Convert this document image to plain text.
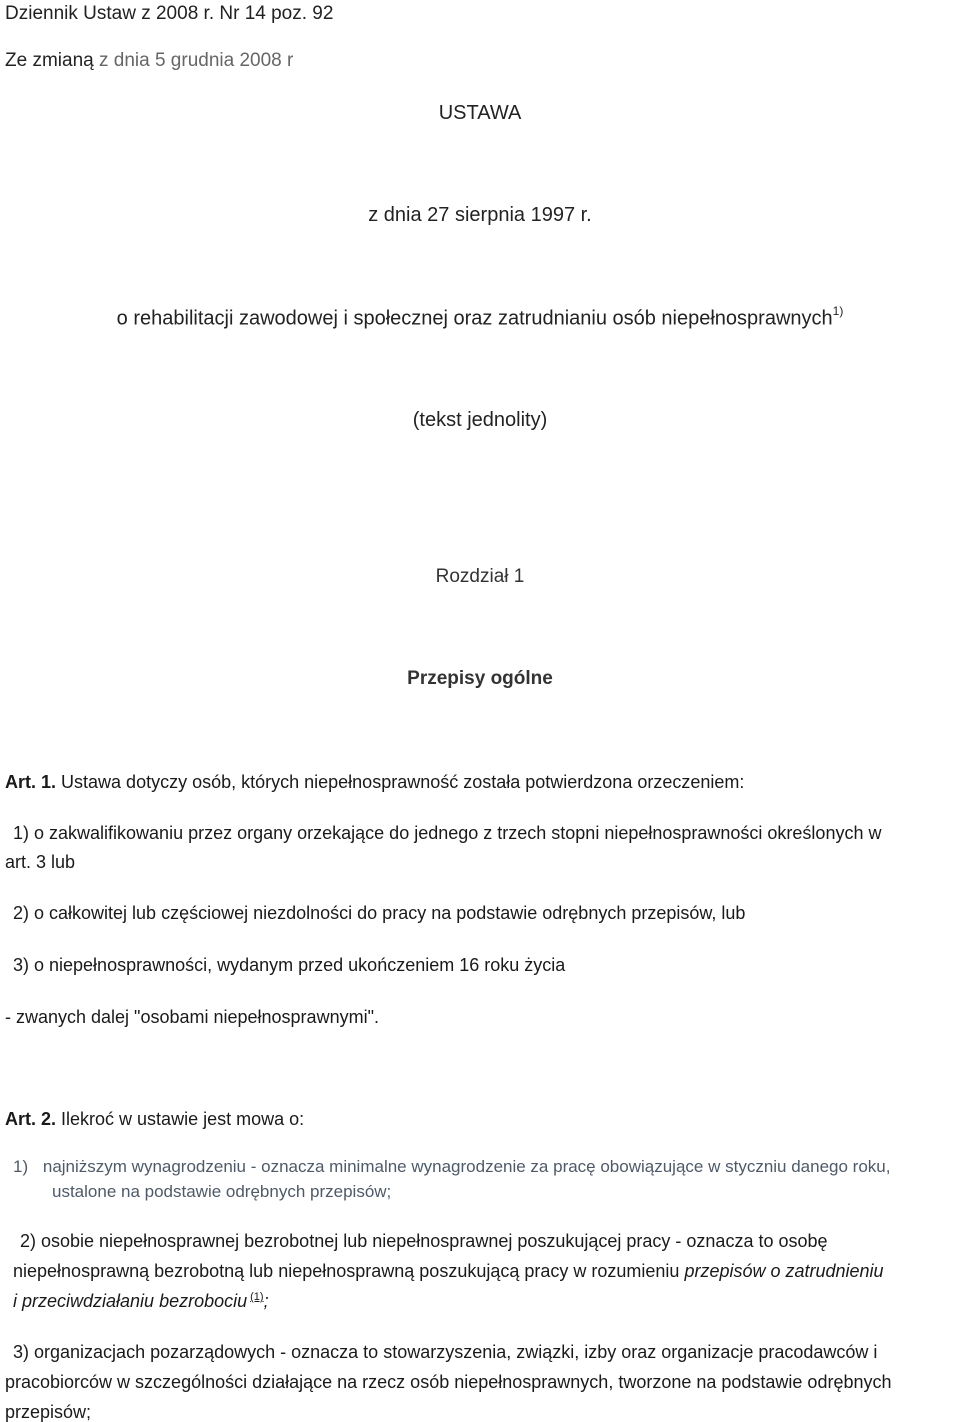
Dziennik Ustaw z 2008 r. Nr 14 poz. 92
Ze zmianą z dnia 5 grudnia 2008 r
USTAWA
z dnia 27 sierpnia 1997 r.
o rehabilitacji zawodowej i społecznej oraz zatrudnianiu osób niepełnosprawnych$^{1)}$
(tekst jednolity)
Rozdział 1
Przepisy ogólne
Art. 1. Ustawa dotyczy osób, których niepełnosprawność została potwierdzona orzeczeniem:
1) o zakwalifikowaniu przez organy orzekające do jednego z trzech stopni niepełnosprawności określonych w
art. 3 lub
2) o całkowitej lub częściowej niezdolności do pracy na podstawie odrębnych przepisów, lub
3) o niepełnosprawności, wydanym przed ukończeniem 16 roku życia
- zwanych dalej "osobami niepełnosprawnymi".
Art. 2. Ilekroć w ustawie jest mowa o:
1) najniższym wynagrodzeniu - oznacza minimalne wynagrodzenie za pracę obowiązujące w styczniu danego roku,
ustalone na podstawie odrębnych przepisów;
2) osobie niepełnosprawnej bezrobotnej lub niepełnosprawnej poszukującej pracy - oznacza to osobę
niepełnosprawną bezrobotną lub niepełnosprawną poszukującą pracy w rozumieniu przepisów o zatrudnieniu
i przeciwdziałaniu bezrobociu $^{(1)}$;
3) organizacjach pozarządowych - oznacza to stowarzyszenia, związki, izby oraz organizacje pracodawców i
pracobiorców w szczególności działające na rzecz osób niepełnosprawnych, tworzone na podstawie odrębnych
przepisów;
